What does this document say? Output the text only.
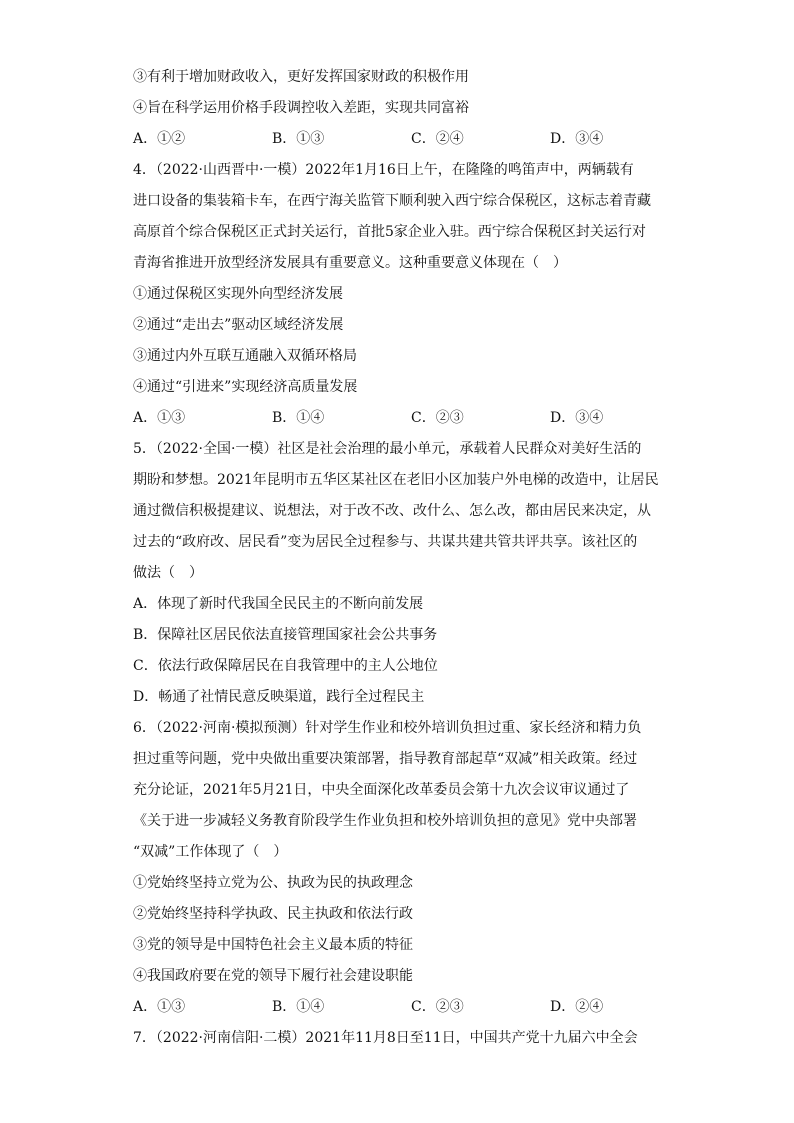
③有利于增加财政收入，更好发挥国家财政的积极作用
④旨在科学运用价格手段调控收入差距，实现共同富裕
A．①②	B．①③	C．②④	D．③④
4．（2022·山西晋中·一模）2022年1月16日上午，在隆隆的鸣笛声中，两辆载有
进口设备的集装箱卡车，在西宁海关监管下顺利驶入西宁综合保税区，这标志着青藏
高原首个综合保税区正式封关运行，首批5家企业入驻。西宁综合保税区封关运行对
青海省推进开放型经济发展具有重要意义。这种重要意义体现在（　）
①通过保税区实现外向型经济发展
②通过“走出去”驱动区域经济发展
③通过内外互联互通融入双循环格局
④通过“引进来”实现经济高质量发展
A．①③	B．①④	C．②③	D．③④
5．（2022·全国·一模）社区是社会治理的最小单元，承载着人民群众对美好生活的
期盼和梦想。2021年昆明市五华区某社区在老旧小区加装户外电梯的改造中，让居民
通过微信积极提建议、说想法，对于改不改、改什么、怎么改，都由居民来决定，从
过去的“政府改、居民看”变为居民全过程参与、共谋共建共管共评共享。该社区的
做法（　）
A．体现了新时代我国全民民主的不断向前发展
B．保障社区居民依法直接管理国家社会公共事务
C．依法行政保障居民在自我管理中的主人公地位
D．畅通了社情民意反映渠道，践行全过程民主
6．（2022·河南·模拟预测）针对学生作业和校外培训负担过重、家长经济和精力负
担过重等问题，党中央做出重要决策部署，指导教育部起草“双减”相关政策。经过
充分论证，2021年5月21日，中央全面深化改革委员会第十九次会议审议通过了
《关于进一步减轻义务教育阶段学生作业负担和校外培训负担的意见》党中央部署
“双减”工作体现了（　）
①党始终坚持立党为公、执政为民的执政理念
②党始终坚持科学执政、民主执政和依法行政
③党的领导是中国特色社会主义最本质的特征
④我国政府要在党的领导下履行社会建设职能
A．①③	B．①④	C．②③	D．②④
7．（2022·河南信阳·二模）2021年11月8日至11日，中国共产党十九届六中全会
